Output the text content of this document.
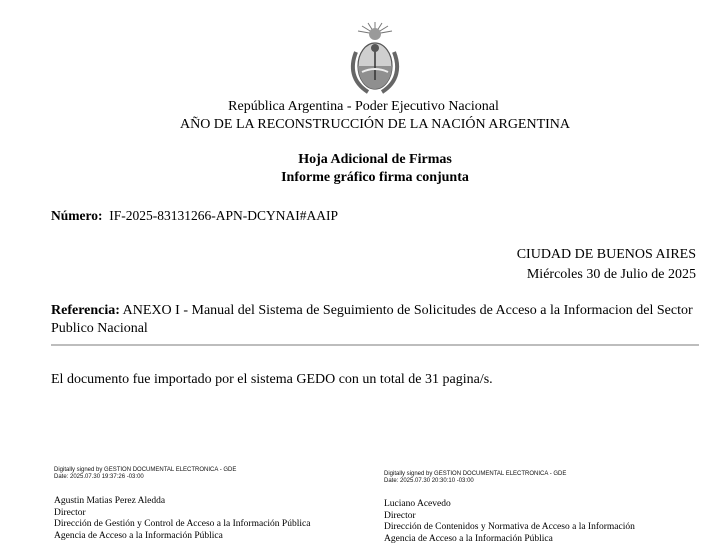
República Argentina - Poder Ejecutivo Nacional
AÑO DE LA RECONSTRUCCIÓN DE LA NACIÓN ARGENTINA
Hoja Adicional de Firmas
Informe gráfico firma conjunta
Número: IF-2025-83131266-APN-DCYNAI#AAIP
CIUDAD DE BUENOS AIRES
Miércoles 30 de Julio de 2025
Referencia: ANEXO I - Manual del Sistema de Seguimiento de Solicitudes de Acceso a la Informacion del Sector Publico Nacional
El documento fue importado por el sistema GEDO con un total de 31 pagina/s.
Digitally signed by GESTION DOCUMENTAL ELECTRONICA - GDE
Date: 2025.07.30 19:37:26 -03:00
Agustin Matias Perez Aledda
Director
Dirección de Gestión y Control de Acceso a la Información Pública
Agencia de Acceso a la Información Pública
Digitally signed by GESTION DOCUMENTAL ELECTRONICA - GDE
Date: 2025.07.30 20:30:10 -03:00
Luciano Acevedo
Director
Dirección de Contenidos y Normativa de Acceso a la Información
Agencia de Acceso a la Información Pública
